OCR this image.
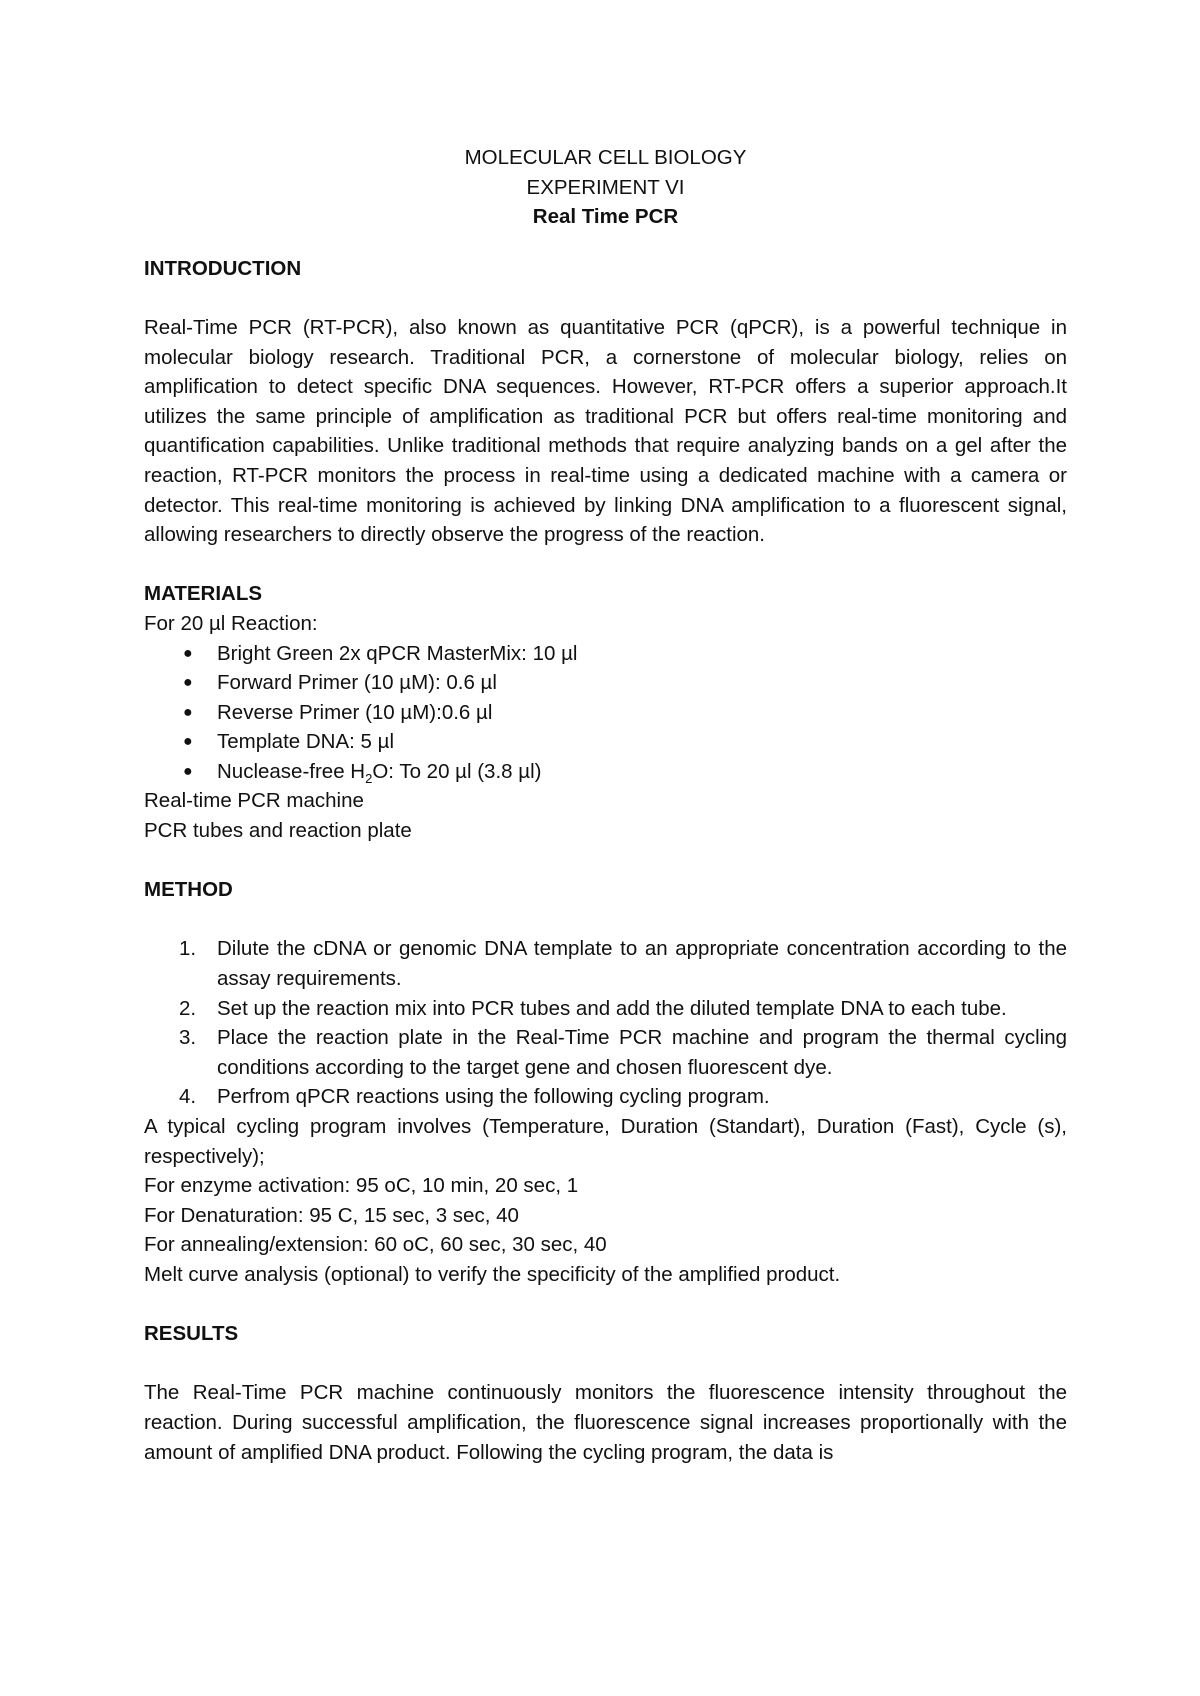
MOLECULAR CELL BIOLOGY
EXPERIMENT VI
Real Time PCR
INTRODUCTION

Real-Time PCR (RT-PCR), also known as quantitative PCR (qPCR), is a powerful technique in molecular biology research. Traditional PCR, a cornerstone of molecular biology, relies on amplification to detect specific DNA sequences. However, RT-PCR offers a superior approach.It utilizes the same principle of amplification as traditional PCR but offers real-time monitoring and quantification capabilities. Unlike traditional methods that require analyzing bands on a gel after the reaction, RT-PCR monitors the process in real-time using a dedicated machine with a camera or detector. This real-time monitoring is achieved by linking DNA amplification to a fluorescent signal, allowing researchers to directly observe the progress of the reaction.

MATERIALS

For 20 µl Reaction:

● Bright Green 2x qPCR MasterMix: 10 µl
● Forward Primer (10 µM): 0.6 µl
● Reverse Primer (10 µM):0.6 µl
● Template DNA: 5 µl
● Nuclease-free $H_2O$: To 20 µl (3.8 µl)

Real-time PCR machine

PCR tubes and reaction plate

METHOD
1. Dilute the cDNA or genomic DNA template to an appropriate concentration according to the assay requirements.
2. Set up the reaction mix into PCR tubes and add the diluted template DNA to each tube.
3. Place the reaction plate in the Real-Time PCR machine and program the thermal cycling conditions according to the target gene and chosen fluorescent dye.
4. Perfrom qPCR reactions using the following cycling program.

A typical cycling program involves (Temperature, Duration (Standart), Duration (Fast), Cycle (s), respectively);

For enzyme activation: 95 oC, 10 min, 20 sec, 1

For Denaturation: 95 C, 15 sec, 3 sec, 40

For annealing/extension: 60 oC, 60 sec, 30 sec, 40

Melt curve analysis (optional) to verify the specificity of the amplified product.

RESULTS

The Real-Time PCR machine continuously monitors the fluorescence intensity throughout the reaction. During successful amplification, the fluorescence signal increases proportionally with the amount of amplified DNA product. Following the cycling program, the data is
